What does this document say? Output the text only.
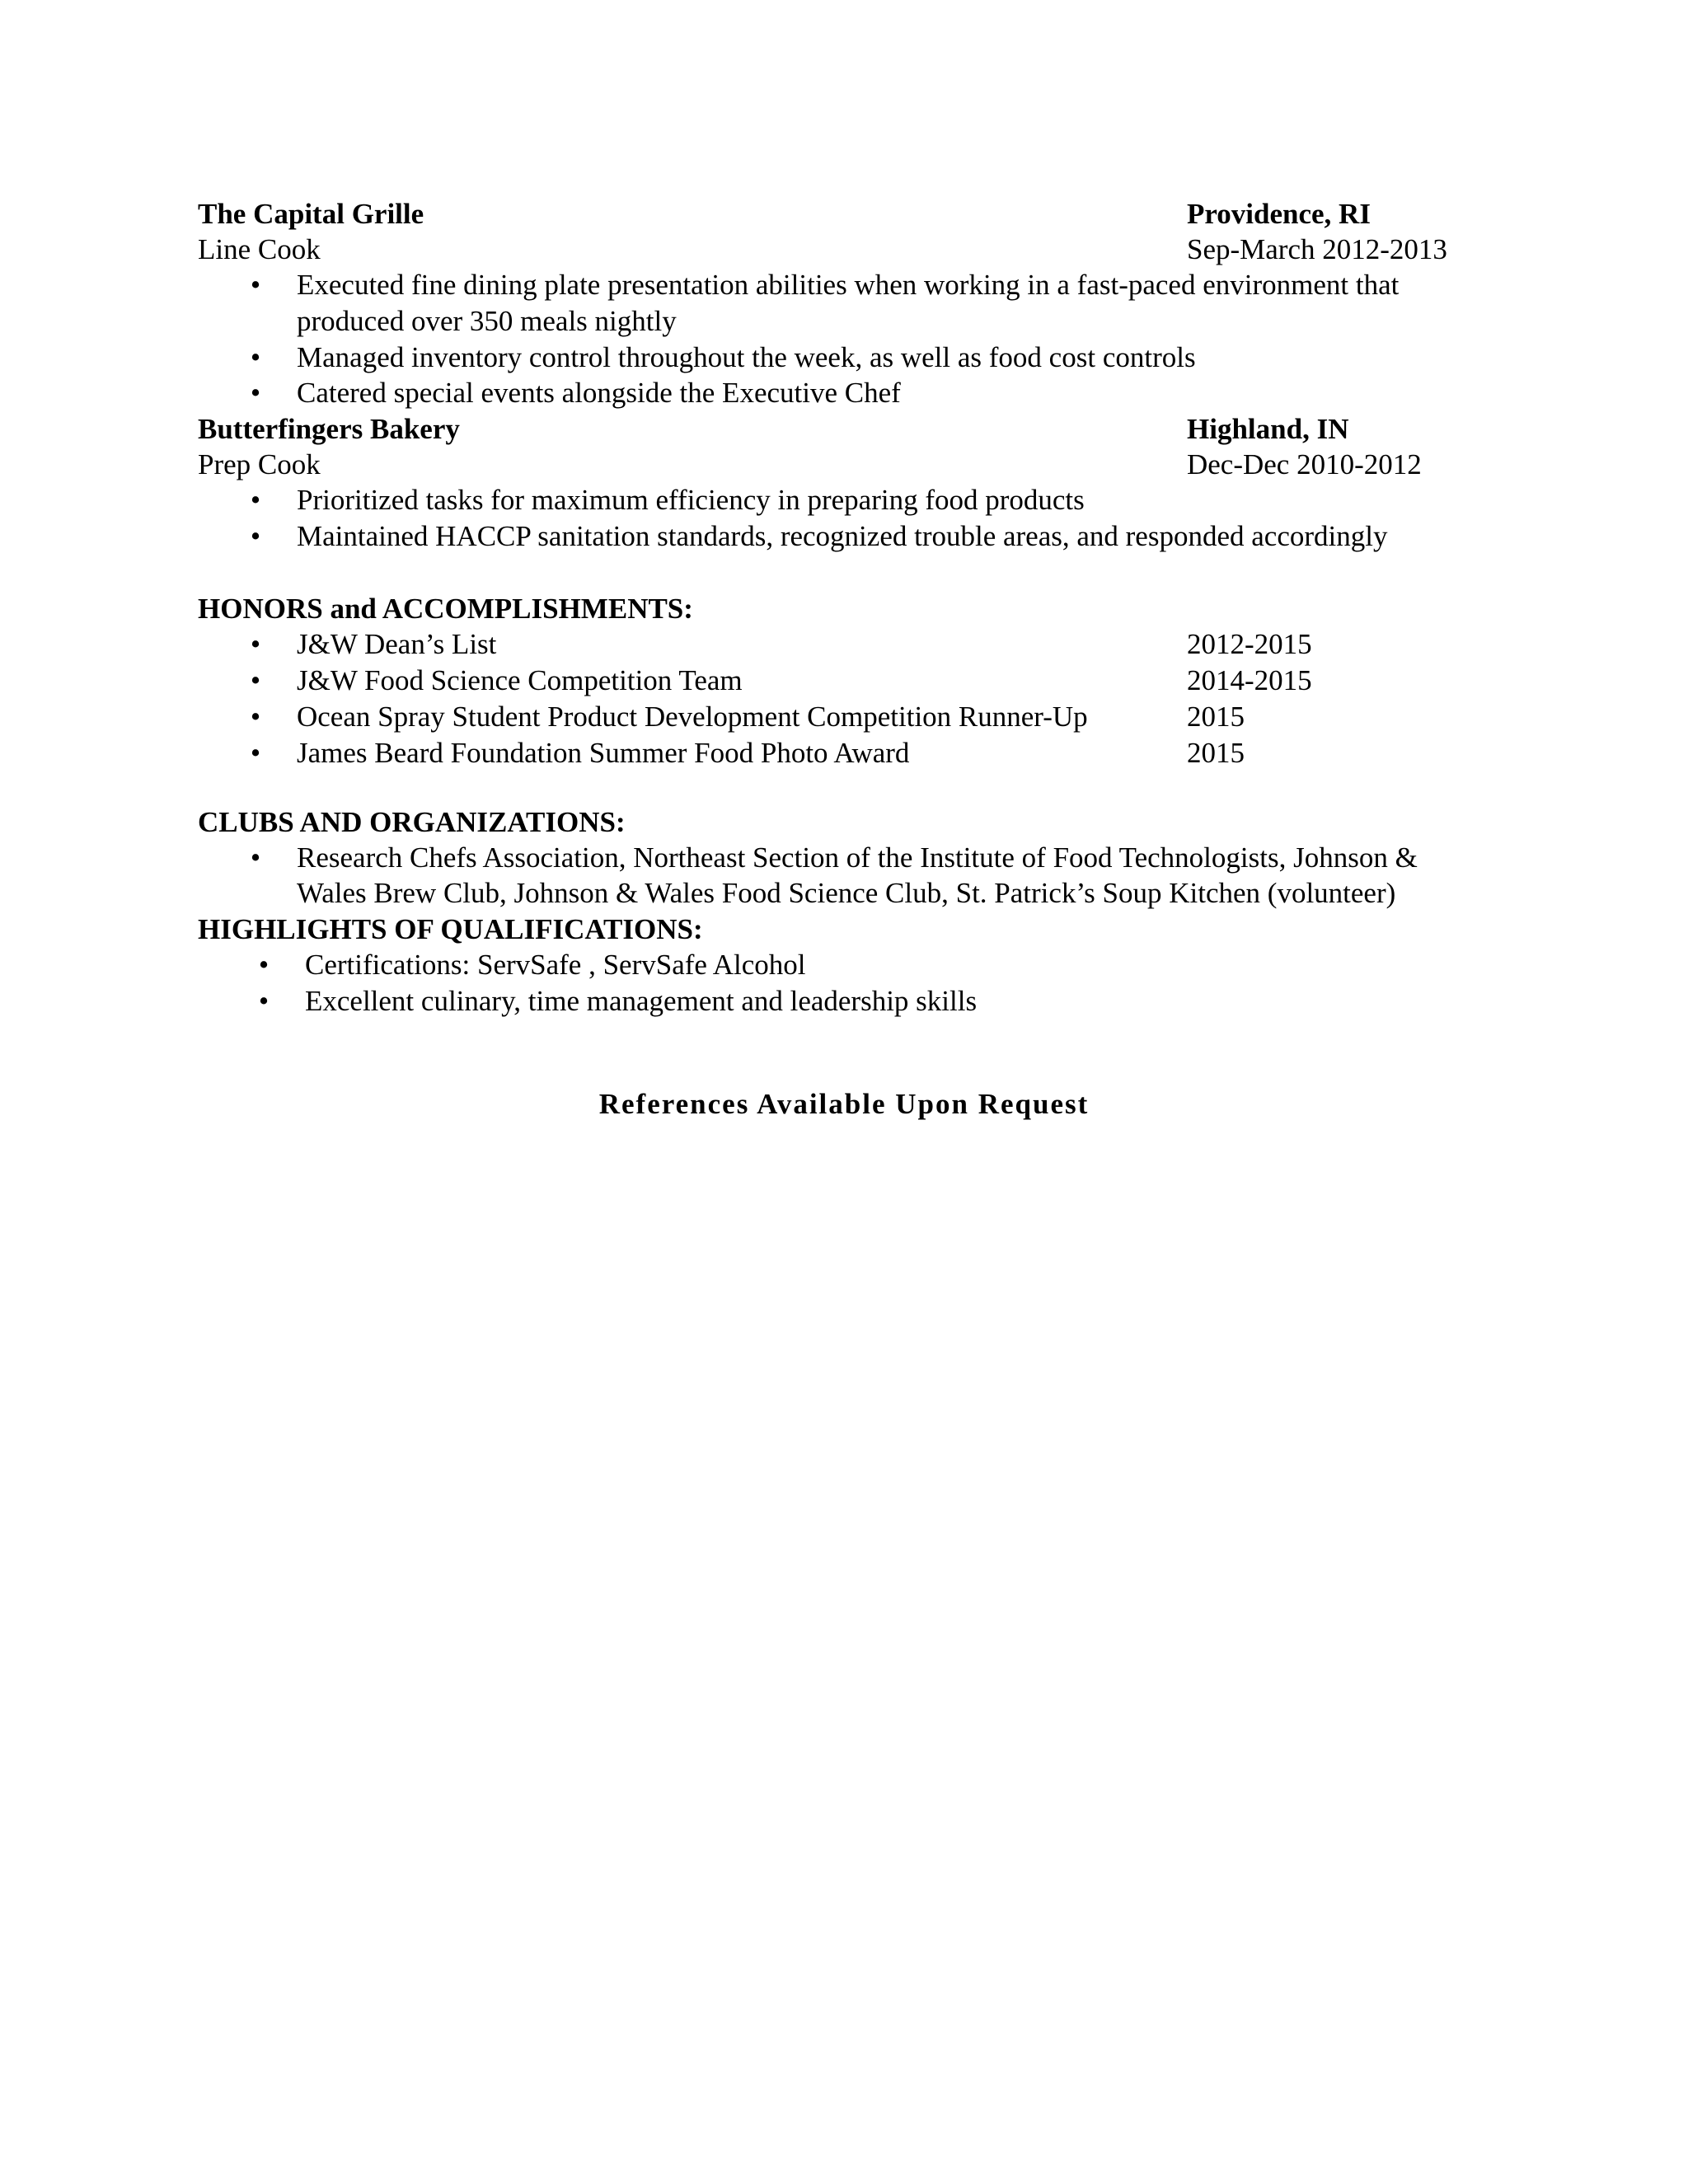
The Capital Grille	Providence, RI
Line Cook	Sep-March 2012-2013
• Executed fine dining plate presentation abilities when working in a fast-paced environment that produced over 350 meals nightly
• Managed inventory control throughout the week, as well as food cost controls
• Catered special events alongside the Executive Chef
Butterfingers Bakery	Highland, IN
Prep Cook	Dec-Dec 2010-2012
• Prioritized tasks for maximum efficiency in preparing food products
• Maintained HACCP sanitation standards, recognized trouble areas, and responded accordingly
HONORS and ACCOMPLISHMENTS:
• J&W Dean’s List	2012-2015
• J&W Food Science Competition Team	2014-2015
• Ocean Spray Student Product Development Competition Runner-Up	2015
• James Beard Foundation Summer Food Photo Award	2015
CLUBS AND ORGANIZATIONS:
• Research Chefs Association, Northeast Section of the Institute of Food Technologists, Johnson & Wales Brew Club, Johnson & Wales Food Science Club, St. Patrick’s Soup Kitchen (volunteer)
HIGHLIGHTS OF QUALIFICATIONS:
• Certifications: ServSafe , ServSafe Alcohol
• Excellent culinary, time management and leadership skills
References Available Upon Request
